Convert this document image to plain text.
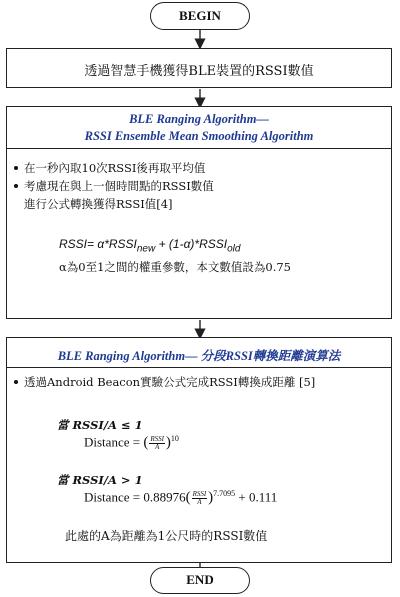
BEGIN
透過智慧手機獲得BLE裝置的RSSI數值
BLE Ranging Algorithm—
RSSI Ensemble Mean Smoothing Algorithm
在一秒內取10次RSSI後再取平均值
考慮現在與上一個時間點的RSSI數值
進行公式轉換獲得RSSI值[4]
RSSI= $\alpha*RSSI_{new}$ + $(1-\alpha)*RSSI_{old}$
α為0至1之間的權重參數，本文數值設為0.75
BLE Ranging Algorithm— 分段RSSI轉換距離演算法
透過Android Beacon實驗公式完成RSSI轉換成距離 [5]
當 RSSI/A ≤ 1
Distance = ( $\frac{\text{RSSI}}{A} )^{10}$
當 RSSI/A > 1
Distance = $0.88976( \frac{\text{RSSI}}{A} )^{7.7095} + 0.111$
此處的A為距離為1公尺時的RSSI數值
END
